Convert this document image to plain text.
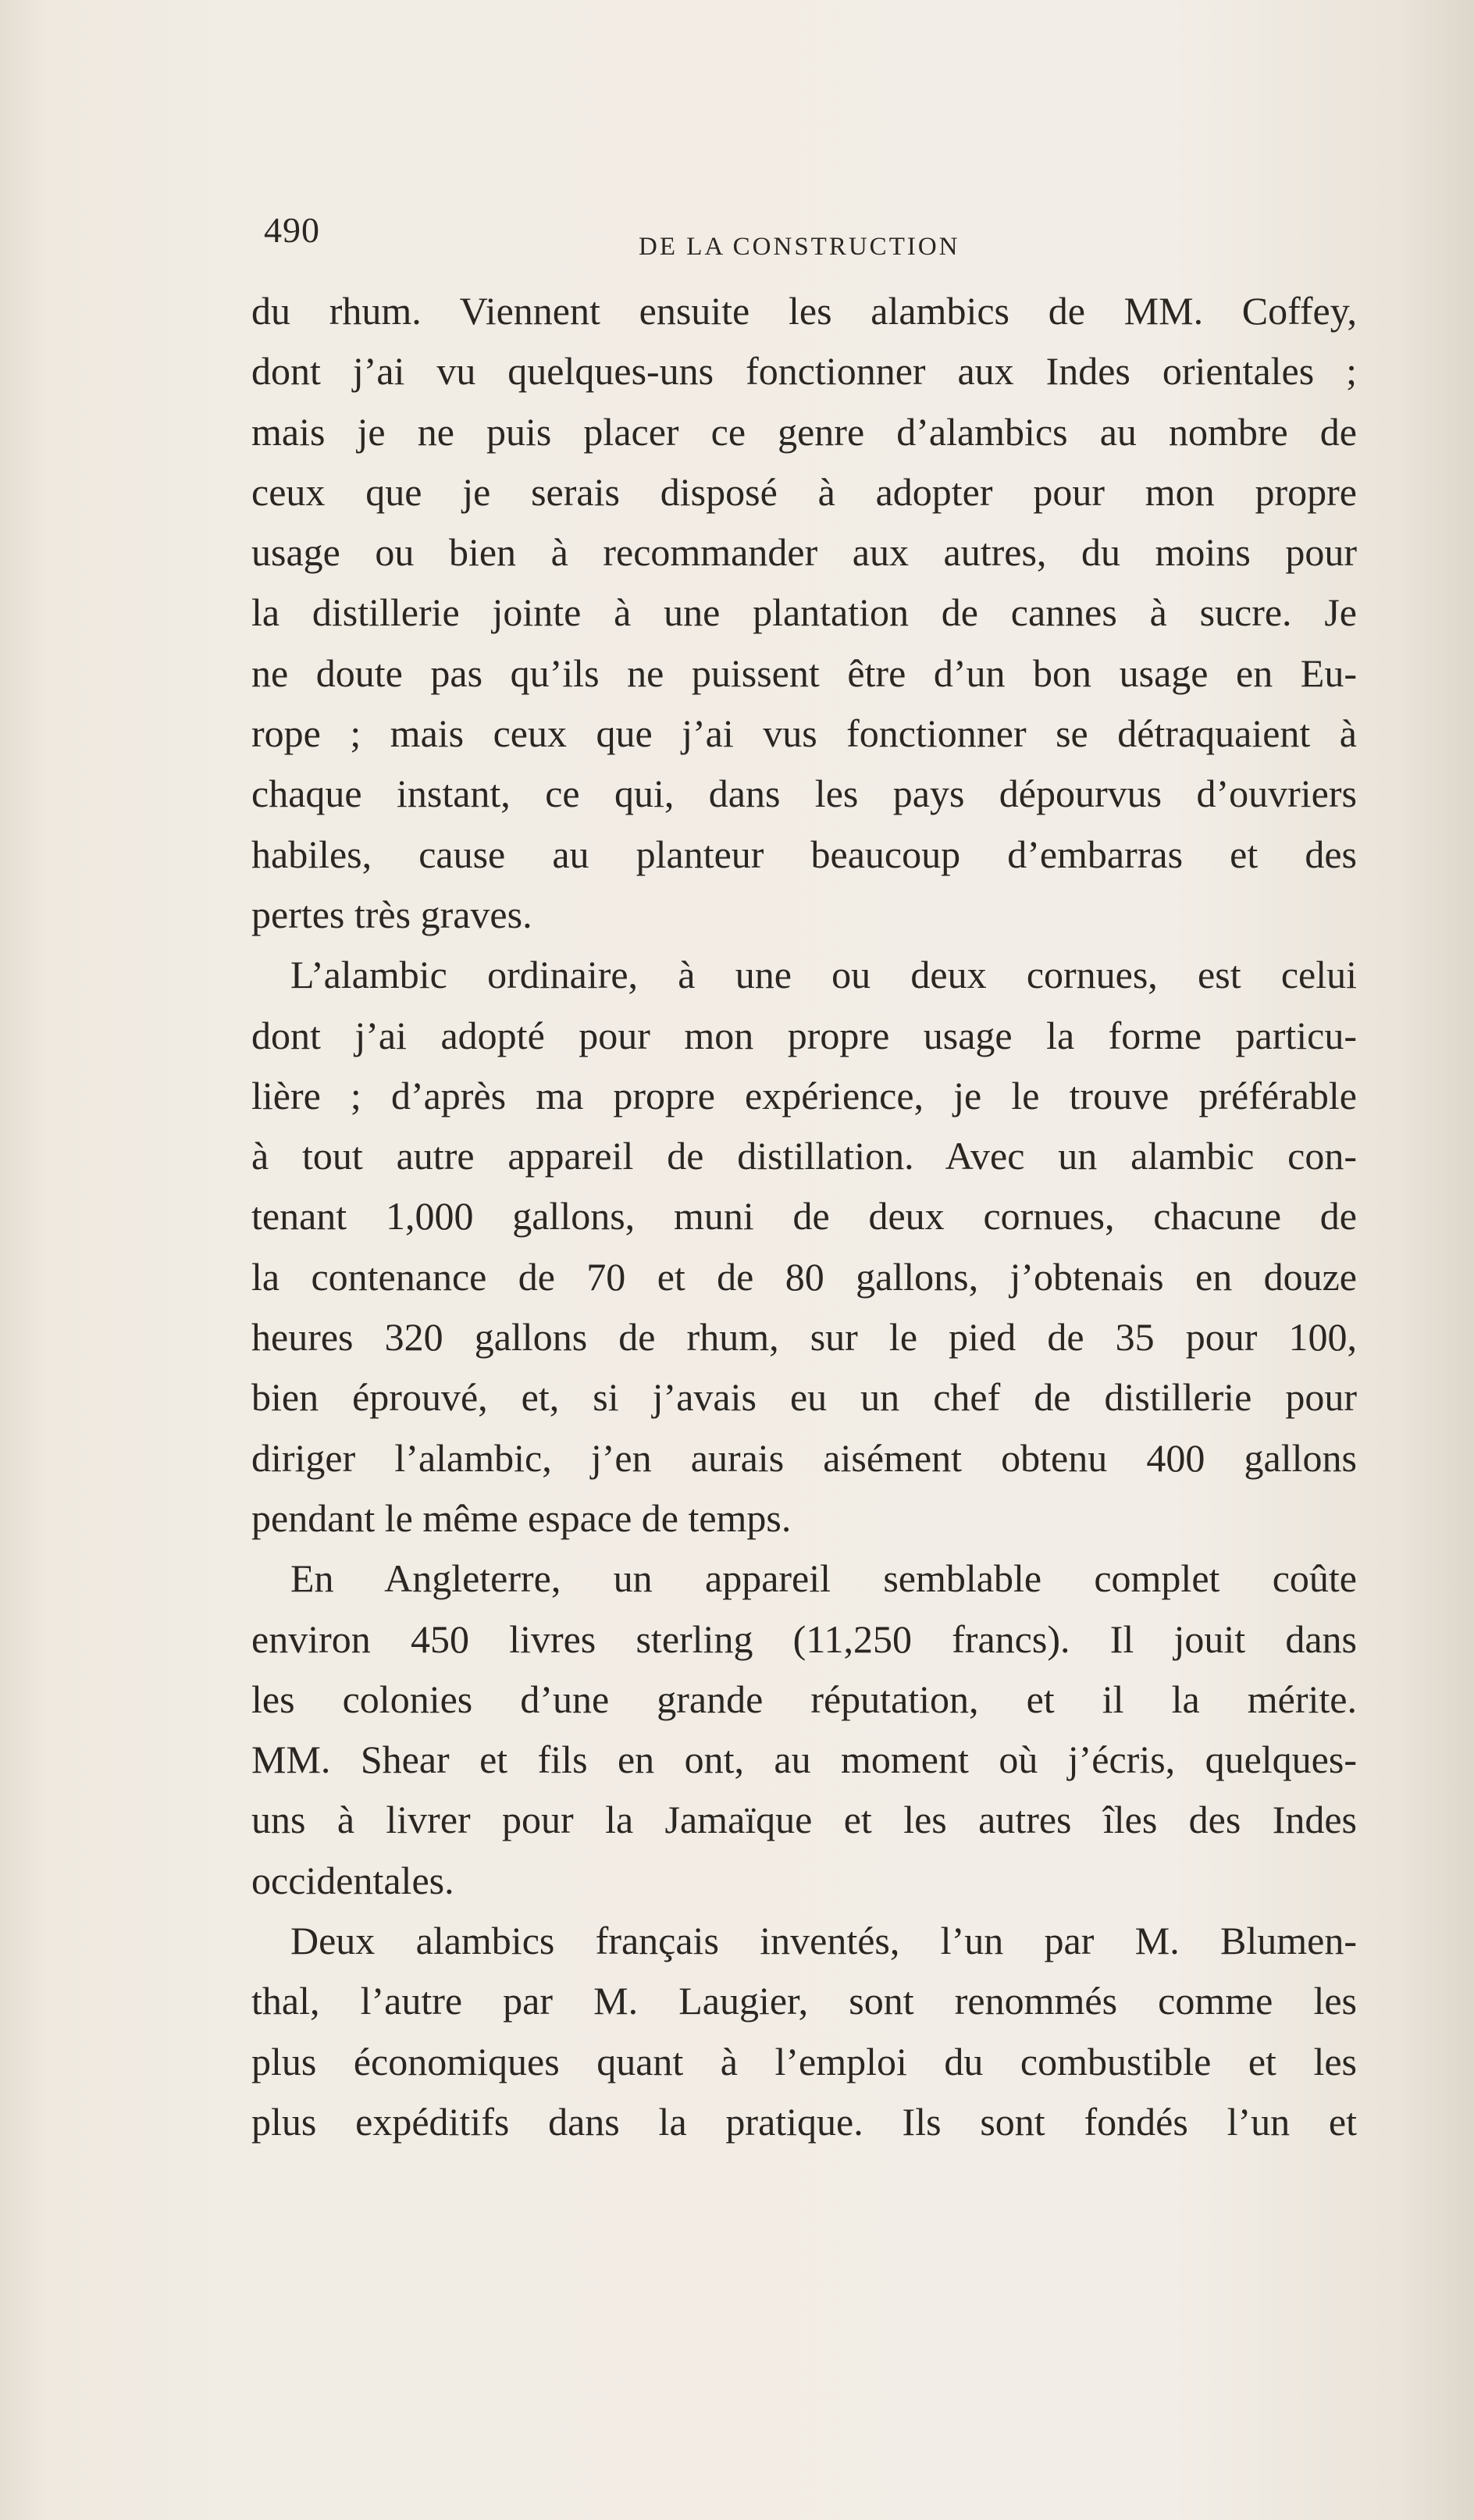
490	DE LA CONSTRUCTION
du rhum. Viennent ensuite les alambics de MM. Coffey,
dont j’ai vu quelques-uns fonctionner aux Indes orientales ;
mais je ne puis placer ce genre d’alambics au nombre de
ceux que je serais disposé à adopter pour mon propre
usage ou bien à recommander aux autres, du moins pour
la distillerie jointe à une plantation de cannes à sucre. Je
ne doute pas qu’ils ne puissent être d’un bon usage en Eu-
rope ; mais ceux que j’ai vus fonctionner se détraquaient à
chaque instant, ce qui, dans les pays dépourvus d’ouvriers
habiles, cause au planteur beaucoup d’embarras et des
pertes très graves.
L’alambic ordinaire, à une ou deux cornues, est celui
dont j’ai adopté pour mon propre usage la forme particu-
lière ; d’après ma propre expérience, je le trouve préférable
à tout autre appareil de distillation. Avec un alambic con-
tenant 1,000 gallons, muni de deux cornues, chacune de
la contenance de 70 et de 80 gallons, j’obtenais en douze
heures 320 gallons de rhum, sur le pied de 35 pour 100,
bien éprouvé, et, si j’avais eu un chef de distillerie pour
diriger l’alambic, j’en aurais aisément obtenu 400 gallons
pendant le même espace de temps.
En Angleterre, un appareil semblable complet coûte
environ 450 livres sterling (11,250 francs). Il jouit dans
les colonies d’une grande réputation, et il la mérite.
MM. Shear et fils en ont, au moment où j’écris, quelques-
uns à livrer pour la Jamaïque et les autres îles des Indes
occidentales.
Deux alambics français inventés, l’un par M. Blumen-
thal, l’autre par M. Laugier, sont renommés comme les
plus économiques quant à l’emploi du combustible et les
plus expéditifs dans la pratique. Ils sont fondés l’un et
